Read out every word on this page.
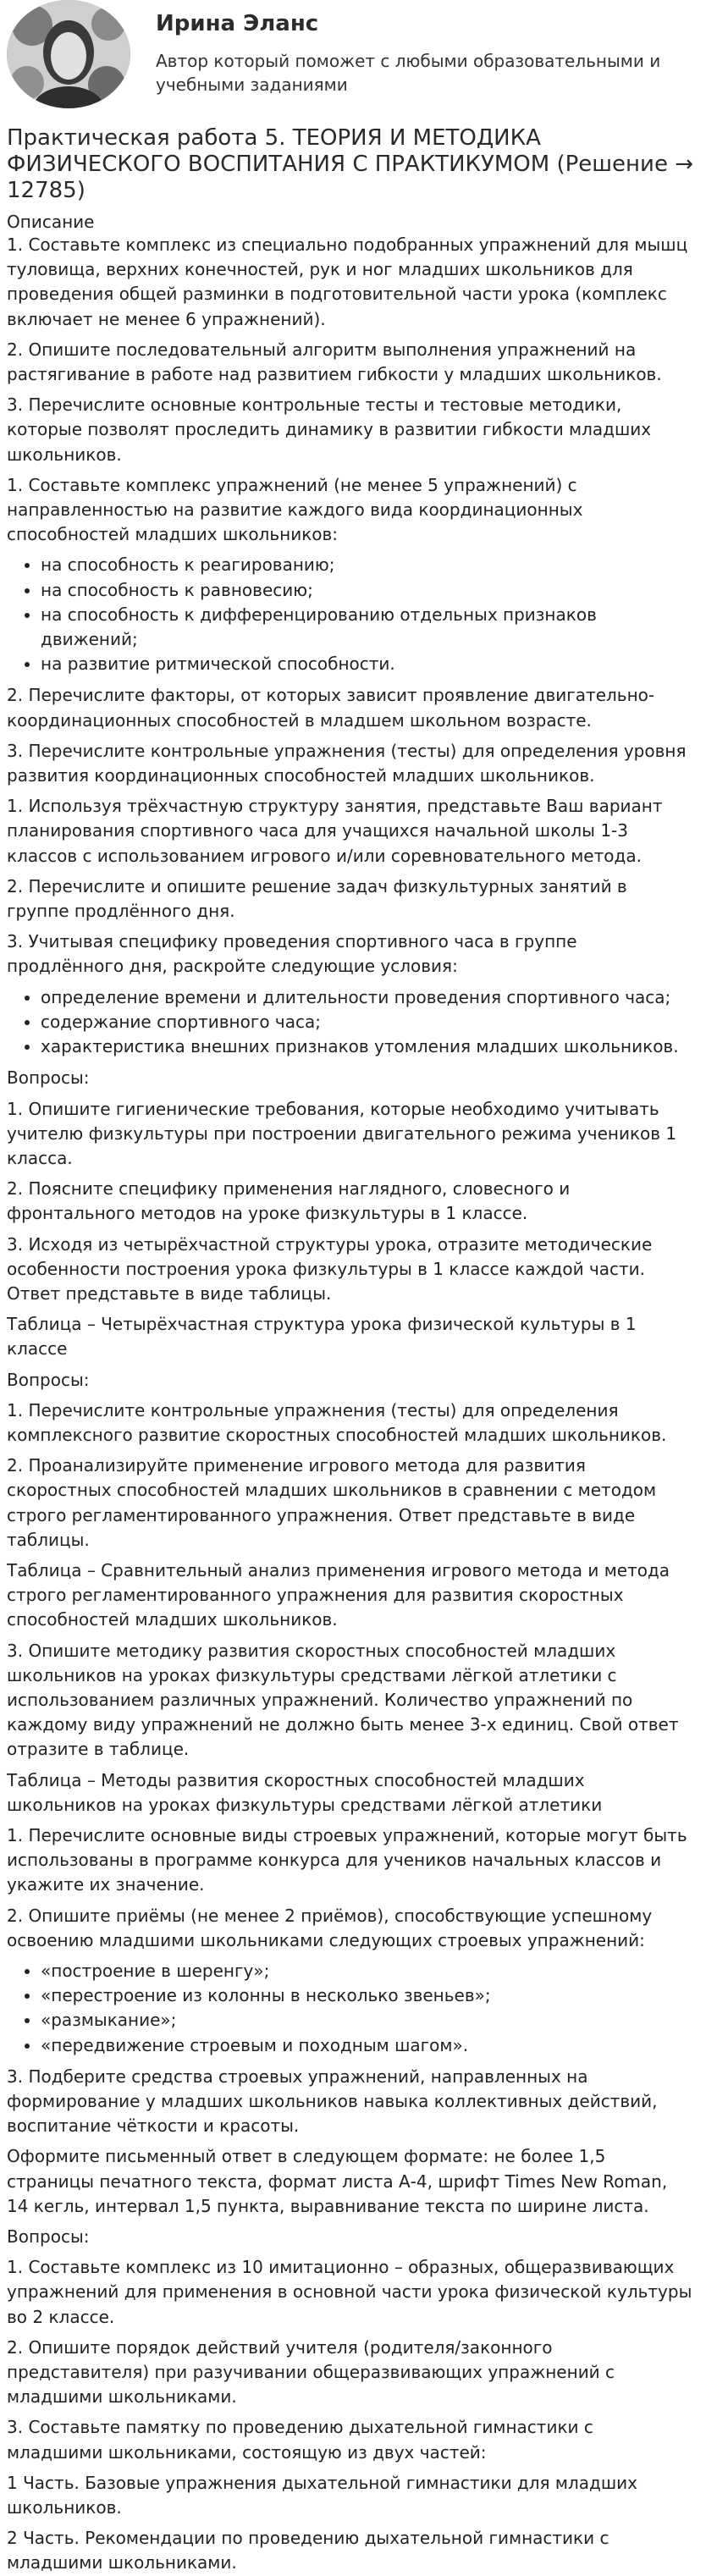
Ирина Эланс
Автор который поможет с любыми образовательными и учебными заданиями
Практическая работа 5. ТЕОРИЯ И МЕТОДИКА ФИЗИЧЕСКОГО ВОСПИТАНИЯ С ПРАКТИКУМОМ (Решение → 12785)
Описание

1. Составьте комплекс из специально подобранных упражнений для мышц туловища, верхних конечностей, рук и ног младших школьников для проведения общей разминки в подготовительной части урока (комплекс включает не менее 6 упражнений).

2. Опишите последовательный алгоритм выполнения упражнений на растягивание в работе над развитием гибкости у младших школьников.

3. Перечислите основные контрольные тесты и тестовые методики, которые позволят проследить динамику в развитии гибкости младших школьников.

1. Составьте комплекс упражнений (не менее 5 упражнений) с направленностью на развитие каждого вида координационных способностей младших школьников:

• на способность к реагированию;
• на способность к равновесию;
• на способность к дифференцированию отдельных признаков движений;
• на развитие ритмической способности.

2. Перечислите факторы, от которых зависит проявление двигательно-координационных способностей в младшем школьном возрасте.

3. Перечислите контрольные упражнения (тесты) для определения уровня развития координационных способностей младших школьников.

1. Используя трёхчастную структуру занятия, представьте Ваш вариант планирования спортивного часа для учащихся начальной школы 1-3 классов с использованием игрового и/или соревновательного метода.

2. Перечислите и опишите решение задач физкультурных занятий в группе продлённого дня.

3. Учитывая специфику проведения спортивного часа в группе продлённого дня, раскройте следующие условия:

• определение времени и длительности проведения спортивного часа;
• содержание спортивного часа;
• характеристика внешних признаков утомления младших школьников.

Вопросы:

1. Опишите гигиенические требования, которые необходимо учитывать учителю физкультуры при построении двигательного режима учеников 1 класса.

2. Поясните специфику применения наглядного, словесного и фронтального методов на уроке физкультуры в 1 классе.

3. Исходя из четырёхчастной структуры урока, отразите методические особенности построения урока физкультуры в 1 классе каждой части. Ответ представьте в виде таблицы.

Таблица – Четырёхчастная структура урока физической культуры в 1 классе

Вопросы:

1. Перечислите контрольные упражнения (тесты) для определения комплексного развитие скоростных способностей младших школьников.

2. Проанализируйте применение игрового метода для развития скоростных способностей младших школьников в сравнении с методом строго регламентированного упражнения. Ответ представьте в виде таблицы.

Таблица – Сравнительный анализ применения игрового метода и метода строго регламентированного упражнения для развития скоростных способностей младших школьников.

3. Опишите методику развития скоростных способностей младших школьников на уроках физкультуры средствами лёгкой атлетики с использованием различных упражнений. Количество упражнений по каждому виду упражнений не должно быть менее 3-х единиц. Свой ответ отразите в таблице.

Таблица – Методы развития скоростных способностей младших школьников на уроках физкультуры средствами лёгкой атлетики

1. Перечислите основные виды строевых упражнений, которые могут быть использованы в программе конкурса для учеников начальных классов и укажите их значение.

2. Опишите приёмы (не менее 2 приёмов), способствующие успешному освоению младшими школьниками следующих строевых упражнений:

• «построение в шеренгу»;
• «перестроение из колонны в несколько звеньев»;
• «размыкание»;
• «передвижение строевым и походным шагом».

3. Подберите средства строевых упражнений, направленных на формирование у младших школьников навыка коллективных действий, воспитание чёткости и красоты.

Оформите письменный ответ в следующем формате: не более 1,5 страницы печатного текста, формат листа А-4, шрифт Times New Roman, 14 кегль, интервал 1,5 пункта, выравнивание текста по ширине листа.

Вопросы:

1. Составьте комплекс из 10 имитационно – образных, общеразвивающих упражнений для применения в основной части урока физической культуры во 2 классе.

2. Опишите порядок действий учителя (родителя/законного представителя) при разучивании общеразвивающих упражнений с младшими школьниками.

3. Составьте памятку по проведению дыхательной гимнастики с младшими школьниками, состоящую из двух частей:

1 Часть. Базовые упражнения дыхательной гимнастики для младших школьников.

2 Часть. Рекомендации по проведению дыхательной гимнастики с младшими школьниками.
